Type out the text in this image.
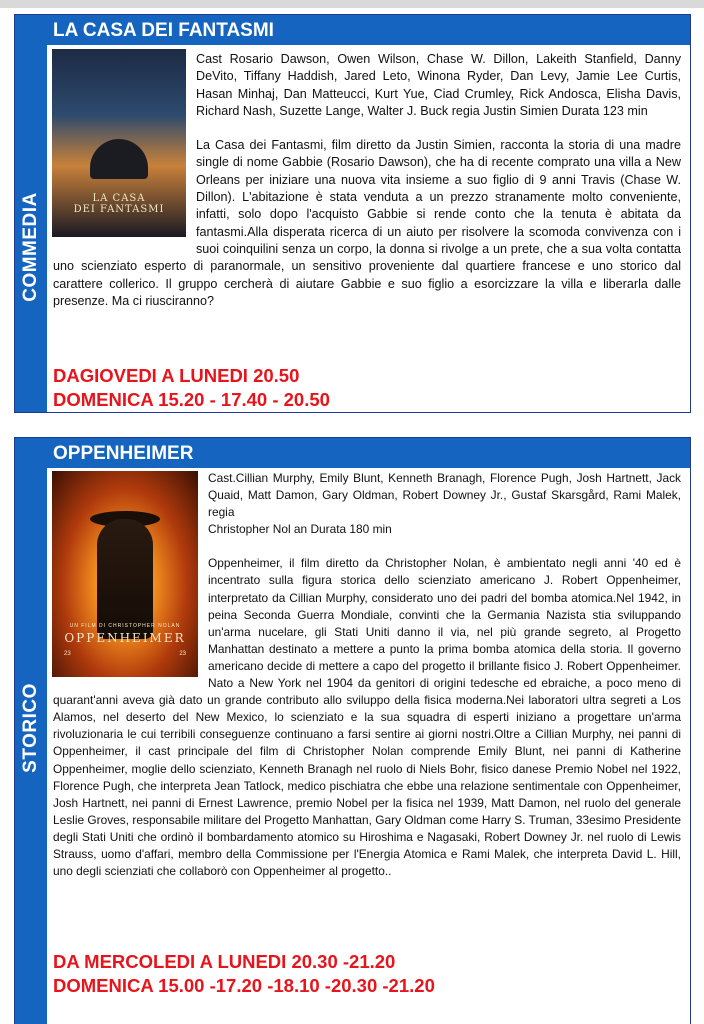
COMMEDIA
LA CASA DEI FANTASMI
LA CASA
DEI FANTASMI

Cast Rosario Dawson, Owen Wilson, Chase W. Dillon, Lakeith Stanfield, Danny DeVito, Tiffany Haddish, Jared Leto, Winona Ryder, Dan Levy, Jamie Lee Curtis, Hasan Minhaj, Dan Matteucci, Kurt Yue, Ciad Crumley, Rick Andosca, Elisha Davis, Richard Nash, Suzette Lange, Walter J. Buck regia Justin Simien Durata 123 min

La Casa dei Fantasmi, film diretto da Justin Simien, racconta la storia di una madre single di nome Gabbie (Rosario Dawson), che ha di recente comprato una villa a New Orleans per iniziare una nuova vita insieme a suo figlio di 9 anni Travis (Chase W. Dillon). L'abitazione è stata venduta a un prezzo stranamente molto conveniente, infatti, solo dopo l'acquisto Gabbie si rende conto che la tenuta è abitata da fantasmi.Alla disperata ricerca di un aiuto per risolvere la scomoda convivenza con i suoi coinquilini senza un corpo, la donna si rivolge a un prete, che a sua volta contatta uno scienziato esperto di paranormale, un sensitivo proveniente dal quartiere francese e uno storico dal carattere collerico. Il gruppo cercherà di aiutare Gabbie e suo figlio a esorcizzare la villa e liberarla dalle presenze. Ma ci riusciranno?

DAGIOVEDI A LUNEDI 20.50
DOMENICA 15.20 - 17.40 - 20.50
STORICO
OPPENHEIMER
UN FILM DI CHRISTOPHER NOLAN
OPPENHEIMER
23	23

Cast.Cillian Murphy, Emily Blunt, Kenneth Branagh, Florence Pugh, Josh Hartnett, Jack Quaid, Matt Damon, Gary Oldman, Robert Downey Jr., Gustaf Skarsgård, Rami Malek, regia

Christopher Nol an Durata 180 min

Oppenheimer, il film diretto da Christopher Nolan, è ambientato negli anni '40 ed è incentrato sulla figura storica dello scienziato americano J. Robert Oppenheimer, interpretato da Cillian Murphy, considerato uno dei padri del bomba atomica.Nel 1942, in peina Seconda Guerra Mondiale, convinti che la Germania Nazista stia sviluppando un'arma nucelare, gli Stati Uniti danno il via, nel più grande segreto, al Progetto Manhattan destinato a mettere a punto la prima bomba atomica della storia. Il governo americano decide di mettere a capo del progetto il brillante fisico J. Robert Oppenheimer. Nato a New York nel 1904 da genitori di origini tedesche ed ebraiche, a poco meno di quarant'anni aveva già dato un grande contributo allo sviluppo della fisica moderna.Nei laboratori ultra segreti a Los Alamos, nel deserto del New Mexico, lo scienziato e la sua squadra di esperti iniziano a progettare un'arma rivoluzionaria le cui terribili conseguenze continuano a farsi sentire ai giorni nostri.Oltre a Cillian Murphy, nei panni di Oppenheimer, il cast principale del film di Christopher Nolan comprende Emily Blunt, nei panni di Katherine Oppenheimer, moglie dello scienziato, Kenneth Branagh nel ruolo di Niels Bohr, fisico danese Premio Nobel nel 1922, Florence Pugh, che interpreta Jean Tatlock, medico pischiatra che ebbe una relazione sentimentale con Oppenheimer, Josh Hartnett, nei panni di Ernest Lawrence, premio Nobel per la fisica nel 1939, Matt Damon, nel ruolo del generale Leslie Groves, responsabile militare del Progetto Manhattan, Gary Oldman come Harry S. Truman, 33esimo Presidente degli Stati Uniti che ordinò il bombardamento atomico su Hiroshima e Nagasaki, Robert Downey Jr. nel ruolo di Lewis Strauss, uomo d'affari, membro della Commissione per l'Energia Atomica e Rami Malek, che interpreta David L. Hill, uno degli scienziati che collaborò con Oppenheimer al progetto..

DA MERCOLEDI A LUNEDI 20.30 -21.20
DOMENICA 15.00 -17.20 -18.10 -20.30 -21.20
